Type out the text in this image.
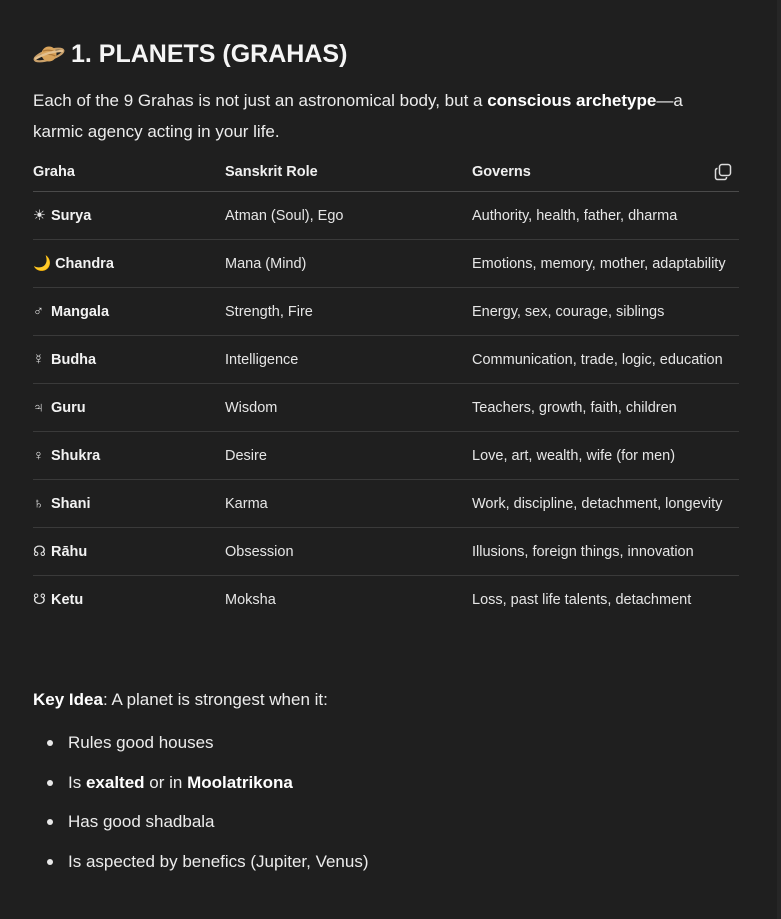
1. PLANETS (GRAHAS)
Each of the 9 Grahas is not just an astronomical body, but a conscious archetype—a karmic agency acting in your life.
Graha	Sanskrit Role	Governs

☀ Surya	Atman (Soul), Ego	Authority, health, father, dharma

🌙 Chandra	Mana (Mind)	Emotions, memory, mother, adaptability

♂ Mangala	Strength, Fire	Energy, sex, courage, siblings

☿ Budha	Intelligence	Communication, trade, logic, education

♃ Guru	Wisdom	Teachers, growth, faith, children

♀ Shukra	Desire	Love, art, wealth, wife (for men)

♄ Shani	Karma	Work, discipline, detachment, longevity

☊ Rāhu	Obsession	Illusions, foreign things, innovation

☋ Ketu	Moksha	Loss, past life talents, detachment
Key Idea: A planet is strongest when it:
Rules good houses
Is exalted or in Moolatrikona
Has good shadbala
Is aspected by benefics (Jupiter, Venus)
